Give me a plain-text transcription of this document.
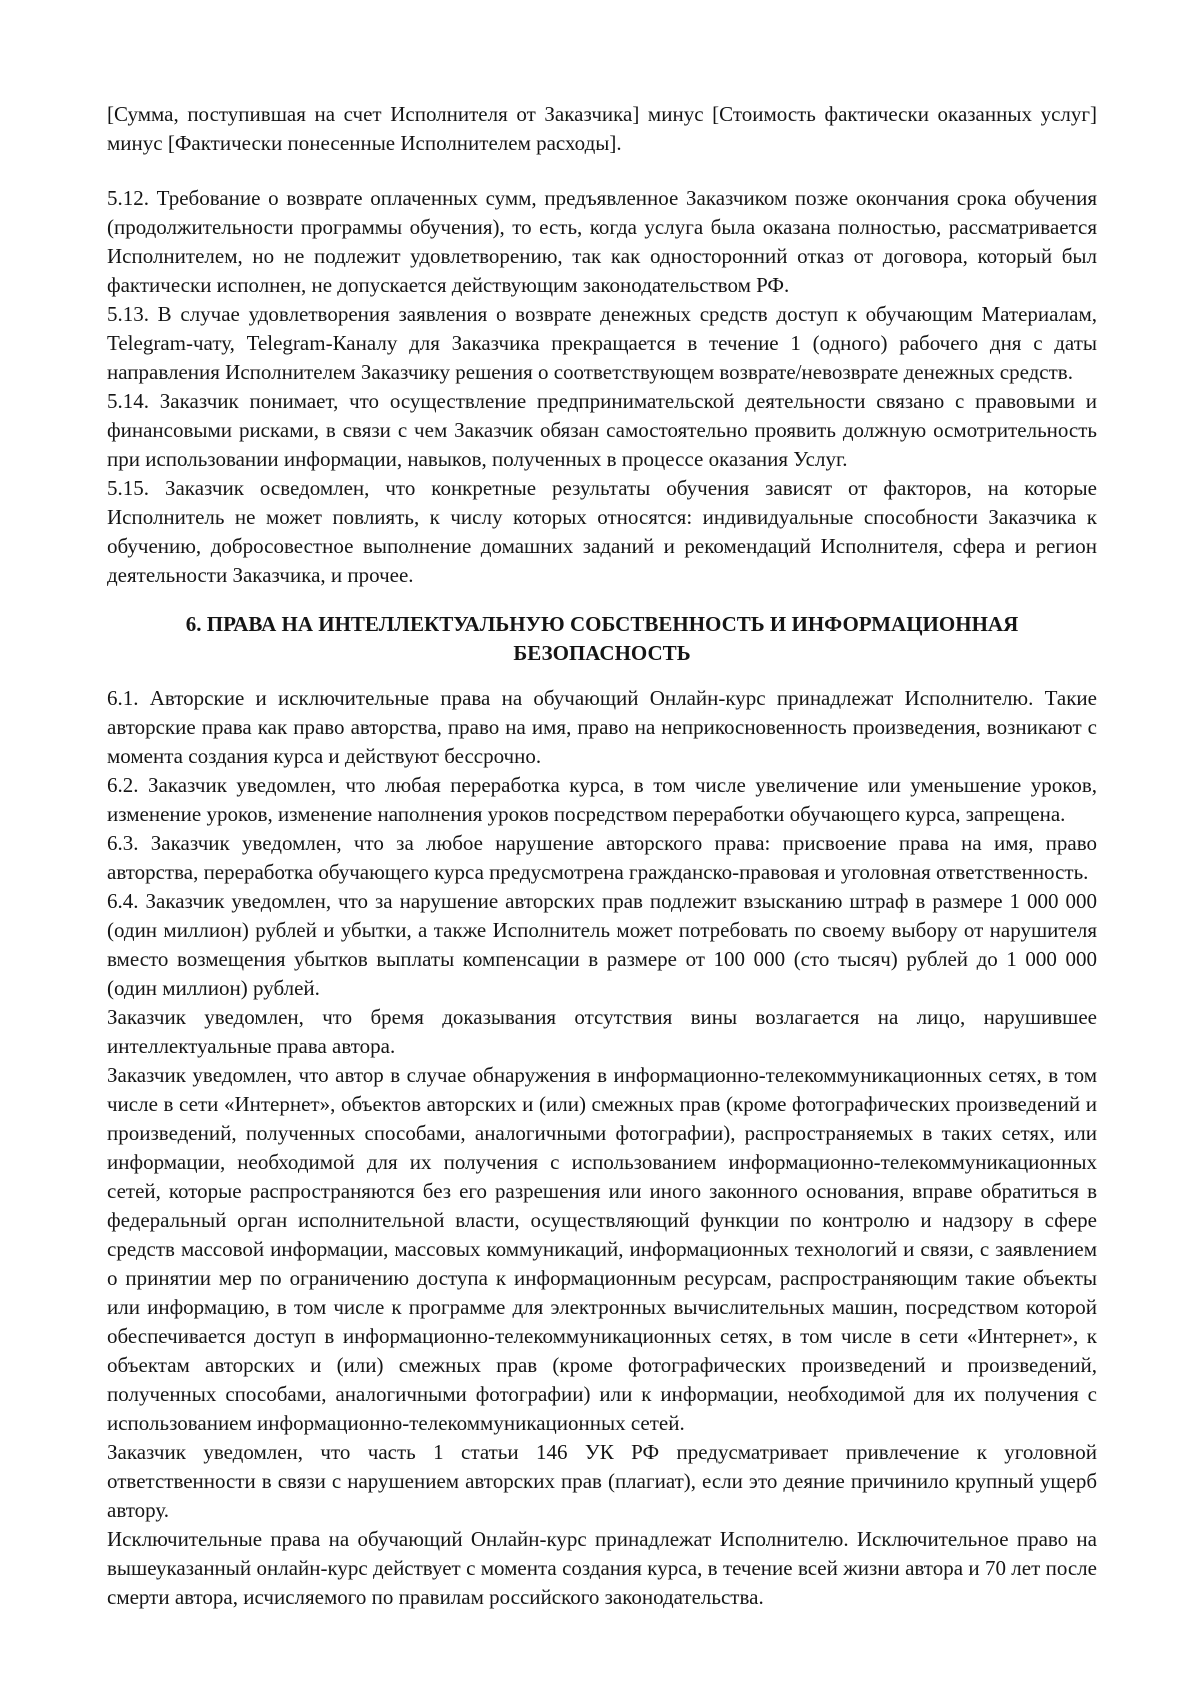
[Сумма, поступившая на счет Исполнителя от Заказчика] минус [Стоимость фактически оказанных услуг] минус [Фактически понесенные Исполнителем расходы].

5.12. Требование о возврате оплаченных сумм, предъявленное Заказчиком позже окончания срока обучения (продолжительности программы обучения), то есть, когда услуга была оказана полностью, рассматривается Исполнителем, но не подлежит удовлетворению, так как односторонний отказ от договора, который был фактически исполнен, не допускается действующим законодательством РФ.

5.13. В случае удовлетворения заявления о возврате денежных средств доступ к обучающим Материалам, Telegram-чату, Telegram-Каналу для Заказчика прекращается в течение 1 (одного) рабочего дня с даты направления Исполнителем Заказчику решения о соответствующем возврате/невозврате денежных средств.

5.14. Заказчик понимает, что осуществление предпринимательской деятельности связано с правовыми и финансовыми рисками, в связи с чем Заказчик обязан самостоятельно проявить должную осмотрительность при использовании информации, навыков, полученных в процессе оказания Услуг.

5.15. Заказчик осведомлен, что конкретные результаты обучения зависят от факторов, на которые Исполнитель не может повлиять, к числу которых относятся: индивидуальные способности Заказчика к обучению, добросовестное выполнение домашних заданий и рекомендаций Исполнителя, сфера и регион деятельности Заказчика, и прочее.

6. ПРАВА НА ИНТЕЛЛЕКТУАЛЬНУЮ СОБСТВЕННОСТЬ И ИНФОРМАЦИОННАЯ
БЕЗОПАСНОСТЬ

6.1. Авторские и исключительные права на обучающий Онлайн-курс принадлежат Исполнителю. Такие авторские права как право авторства, право на имя, право на неприкосновенность произведения, возникают с момента создания курса и действуют бессрочно.

6.2. Заказчик уведомлен, что любая переработка курса, в том числе увеличение или уменьшение уроков, изменение уроков, изменение наполнения уроков посредством переработки обучающего курса, запрещена.

6.3. Заказчик уведомлен, что за любое нарушение авторского права: присвоение права на имя, право авторства, переработка обучающего курса предусмотрена гражданско-правовая и уголовная ответственность.

6.4. Заказчик уведомлен, что за нарушение авторских прав подлежит взысканию штраф в размере 1 000 000 (один миллион) рублей и убытки, а также Исполнитель может потребовать по своему выбору от нарушителя вместо возмещения убытков выплаты компенсации в размере от 100 000 (сто тысяч) рублей до 1 000 000 (один миллион) рублей.

Заказчик уведомлен, что бремя доказывания отсутствия вины возлагается на лицо, нарушившее интеллектуальные права автора.

Заказчик уведомлен, что автор в случае обнаружения в информационно-телекоммуникационных сетях, в том числе в сети «Интернет», объектов авторских и (или) смежных прав (кроме фотографических произведений и произведений, полученных способами, аналогичными фотографии), распространяемых в таких сетях, или информации, необходимой для их получения с использованием информационно-телекоммуникационных сетей, которые распространяются без его разрешения или иного законного основания, вправе обратиться в федеральный орган исполнительной власти, осуществляющий функции по контролю и надзору в сфере средств массовой информации, массовых коммуникаций, информационных технологий и связи, с заявлением о принятии мер по ограничению доступа к информационным ресурсам, распространяющим такие объекты или информацию, в том числе к программе для электронных вычислительных машин, посредством которой обеспечивается доступ в информационно-телекоммуникационных сетях, в том числе в сети «Интернет», к объектам авторских и (или) смежных прав (кроме фотографических произведений и произведений, полученных способами, аналогичными фотографии) или к информации, необходимой для их получения с использованием информационно-телекоммуникационных сетей.

Заказчик уведомлен, что часть 1 статьи 146 УК РФ предусматривает привлечение к уголовной ответственности в связи с нарушением авторских прав (плагиат), если это деяние причинило крупный ущерб автору.

Исключительные права на обучающий Онлайн-курс принадлежат Исполнителю. Исключительное право на вышеуказанный онлайн-курс действует с момента создания курса, в течение всей жизни автора и 70 лет после смерти автора, исчисляемого по правилам российского законодательства.
